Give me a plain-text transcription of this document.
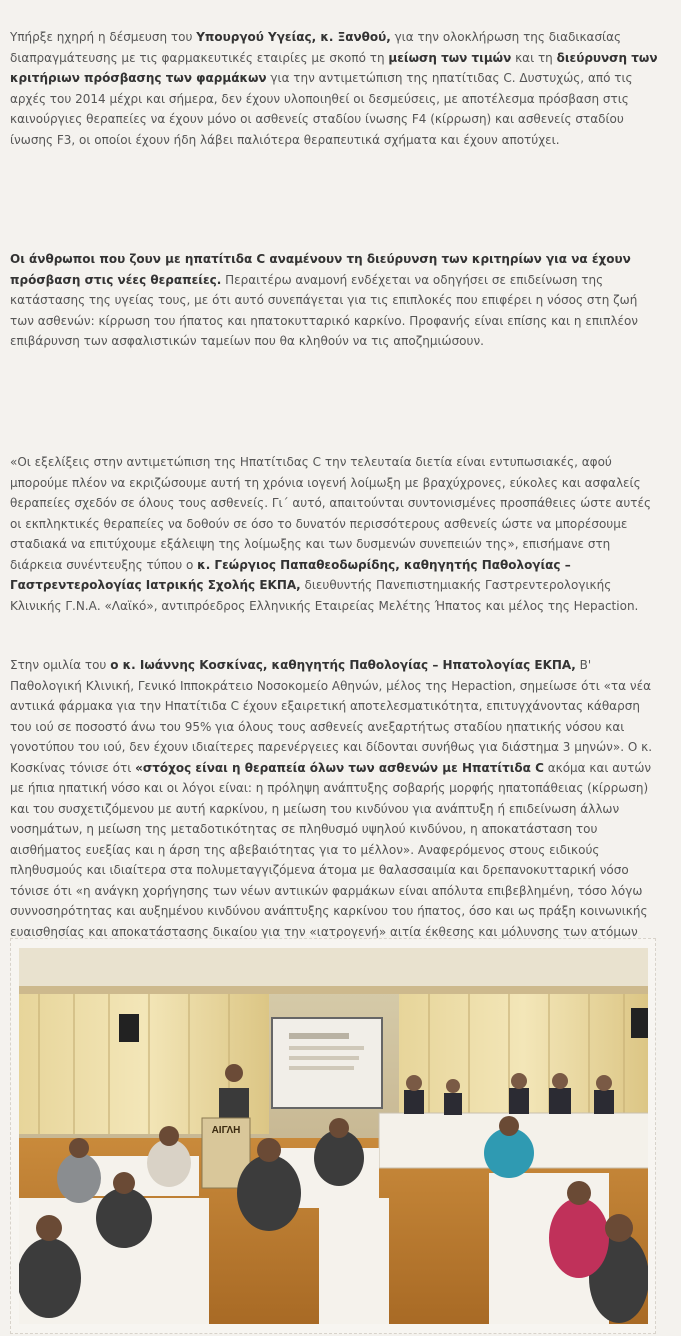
Υπήρξε ηχηρή η δέσμευση του Υπουργού Υγείας, κ. Ξανθού, για την ολοκλήρωση της διαδικασίας διαπραγμάτευσης με τις φαρμακευτικές εταιρίες με σκοπό τη μείωση των τιμών και τη διεύρυνση των κριτήριων πρόσβασης των φαρμάκων για την αντιμετώπιση της ηπατίτιδας C. Δυστυχώς, από τις αρχές του 2014 μέχρι και σήμερα, δεν έχουν υλοποιηθεί οι δεσμεύσεις, με αποτέλεσμα πρόσβαση στις καινούργιες θεραπείες να έχουν μόνο οι ασθενείς σταδίου ίνωσης F4 (κίρρωση) και ασθενείς σταδίου ίνωσης F3, οι οποίοι έχουν ήδη λάβει παλιότερα θεραπευτικά σχήματα και έχουν αποτύχει.

Οι άνθρωποι που ζουν με ηπατίτιδα C αναμένουν τη διεύρυνση των κριτηρίων για να έχουν πρόσβαση στις νέες θεραπείες. Περαιτέρω αναμονή ενδέχεται να οδηγήσει σε επιδείνωση της κατάστασης της υγείας τους, με ότι αυτό συνεπάγεται για τις επιπλοκές που επιφέρει η νόσος στη ζωή των ασθενών: κίρρωση του ήπατος και ηπατοκυτταρικό καρκίνο. Προφανής είναι επίσης και η επιπλέον επιβάρυνση των ασφαλιστικών ταμείων που θα κληθούν να τις αποζημιώσουν.

«Οι εξελίξεις στην αντιμετώπιση της Ηπατίτιδας C την τελευταία διετία είναι εντυπωσιακές, αφού μπορούμε πλέον να εκριζώσουμε αυτή τη χρόνια ιογενή λοίμωξη με βραχύχρονες, εύκολες και ασφαλείς θεραπείες σχεδόν σε όλους τους ασθενείς. Γι΄ αυτό, απαιτούνται συντονισμένες προσπάθειες ώστε αυτές οι εκπληκτικές θεραπείες να δοθούν σε όσο το δυνατόν περισσότερους ασθενείς ώστε να μπορέσουμε σταδιακά να επιτύχουμε εξάλειψη της λοίμωξης και των δυσμενών συνεπειών της», επισήμανε στη διάρκεια συνέντευξης τύπου ο κ. Γεώργιος Παπαθεοδωρίδης, καθηγητής Παθολογίας – Γαστρεντερολογίας Ιατρικής Σχολής ΕΚΠΑ, διευθυντής Πανεπιστημιακής Γαστρεντερολογικής Κλινικής Γ.Ν.Α. «Λαϊκό», αντιπρόεδρος Ελληνικής Εταιρείας Μελέτης Ήπατος και μέλος της Hepaction.

Στην ομιλία του ο κ. Ιωάννης Κοσκίνας, καθηγητής Παθολογίας – Ηπατολογίας ΕΚΠΑ, Β' Παθολογική Κλινική, Γενικό Ιπποκράτειο Νοσοκομείο Αθηνών, μέλος της Hepaction, σημείωσε ότι «τα νέα αντιικά φάρμακα για την Ηπατίτιδα C έχουν εξαιρετική αποτελεσματικότητα, επιτυγχάνοντας κάθαρση του ιού σε ποσοστό άνω του 95% για όλους τους ασθενείς ανεξαρτήτως σταδίου ηπατικής νόσου και γονοτύπου του ιού, δεν έχουν ιδιαίτερες παρενέργειες και δίδονται συνήθως για διάστημα 3 μηνών». Ο κ. Κοσκίνας τόνισε ότι «στόχος είναι η θεραπεία όλων των ασθενών με Ηπατίτιδα C ακόμα και αυτών με ήπια ηπατική νόσο και οι λόγοι είναι: η πρόληψη ανάπτυξης σοβαρής μορφής ηπατοπάθειας (κίρρωση) και του συσχετιζόμενου με αυτή καρκίνου, η μείωση του κινδύνου για ανάπτυξη ή επιδείνωση άλλων νοσημάτων, η μείωση της μεταδοτικότητας σε πληθυσμό υψηλού κινδύνου, η αποκατάσταση του αισθήματος ευεξίας και η άρση της αβεβαιότητας για το μέλλον». Αναφερόμενος στους ειδικούς πληθυσμούς και ιδιαίτερα στα πολυμεταγγιζόμενα άτομα με θαλασσαιμία και δρεπανοκυτταρική νόσο τόνισε ότι «η ανάγκη χορήγησης των νέων αντιικών φαρμάκων είναι απόλυτα επιβεβλημένη, τόσο λόγω συννοσηρότητας και αυξημένου κινδύνου ανάπτυξης καρκίνου του ήπατος, όσο και ως πράξη κοινωνικής ευαισθησίας και αποκατάστασης δικαίου για την «ιατρογενή» αιτία έκθεσης και μόλυνσης των ατόμων

ΑΙΓΛΗ
